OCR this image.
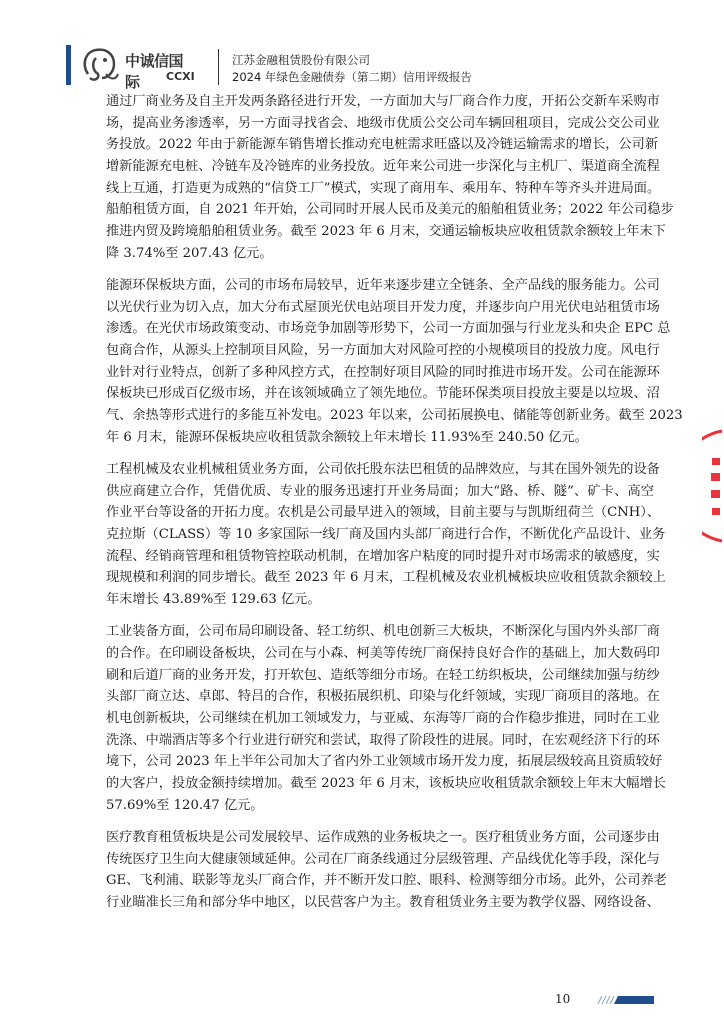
中诚信国际	CCXI
江苏金融租赁股份有限公司
2024 年绿色金融债券（第二期）信用评级报告
通过厂商业务及自主开发两条路径进行开发，一方面加大与厂商合作力度，开拓公交新车采购市
场，提高业务渗透率，另一方面寻找省会、地级市优质公交公司车辆回租项目，完成公交公司业
务投放。2022 年由于新能源车销售增长推动充电桩需求旺盛以及冷链运输需求的增长，公司新
增新能源充电桩、冷链车及冷链库的业务投放。近年来公司进一步深化与主机厂、渠道商全流程
线上互通，打造更为成熟的“信贷工厂”模式，实现了商用车、乘用车、特种车等齐头并进局面。
船舶租赁方面，自 2021 年开始，公司同时开展人民币及美元的船舶租赁业务；2022 年公司稳步
推进内贸及跨境船舶租赁业务。截至 2023 年 6 月末，交通运输板块应收租赁款余额较上年末下
降 3.74%至 207.43 亿元。
能源环保板块方面，公司的市场布局较早，近年来逐步建立全链条、全产品线的服务能力。公司
以光伏行业为切入点，加大分布式屋顶光伏电站项目开发力度，并逐步向户用光伏电站租赁市场
渗透。在光伏市场政策变动、市场竞争加剧等形势下，公司一方面加强与行业龙头和央企 EPC 总
包商合作，从源头上控制项目风险，另一方面加大对风险可控的小规模项目的投放力度。风电行
业针对行业特点，创新了多种风控方式，在控制好项目风险的同时推进市场开发。公司在能源环
保板块已形成百亿级市场，并在该领域确立了领先地位。节能环保类项目投放主要是以垃圾、沼
气、余热等形式进行的多能互补发电。2023 年以来，公司拓展换电、储能等创新业务。截至 2023
年 6 月末，能源环保板块应收租赁款余额较上年末增长 11.93%至 240.50 亿元。
工程机械及农业机械租赁业务方面，公司依托股东法巴租赁的品牌效应，与其在国外领先的设备
供应商建立合作，凭借优质、专业的服务迅速打开业务局面；加大“路、桥、隧”、矿卡、高空
作业平台等设备的开拓力度。农机是公司最早进入的领域，目前主要与与凯斯纽荷兰（CNH）、
克拉斯（CLASS）等 10 多家国际一线厂商及国内头部厂商进行合作，不断优化产品设计、业务
流程、经销商管理和租赁物管控联动机制，在增加客户粘度的同时提升对市场需求的敏感度，实
现规模和利润的同步增长。截至 2023 年 6 月末，工程机械及农业机械板块应收租赁款余额较上
年末增长 43.89%至 129.63 亿元。
工业装备方面，公司布局印刷设备、轻工纺织、机电创新三大板块，不断深化与国内外头部厂商
的合作。在印刷设备板块，公司在与小森、柯美等传统厂商保持良好合作的基础上，加大数码印
刷和后道厂商的业务开发，打开软包、造纸等细分市场。在轻工纺织板块，公司继续加强与纺纱
头部厂商立达、卓郎、特吕的合作，积极拓展织机、印染与化纤领域，实现厂商项目的落地。在
机电创新板块，公司继续在机加工领域发力，与亚威、东海等厂商的合作稳步推进，同时在工业
洗涤、中端酒店等多个行业进行研究和尝试，取得了阶段性的进展。同时，在宏观经济下行的环
境下，公司 2023 年上半年公司加大了省内外工业领域市场开发力度，拓展层级较高且资质较好
的大客户，投放金额持续增加。截至 2023 年 6 月末，该板块应收租赁款余额较上年末大幅增长
57.69%至 120.47 亿元。
医疗教育租赁板块是公司发展较早、运作成熟的业务板块之一。医疗租赁业务方面，公司逐步由
传统医疗卫生向大健康领域延伸。公司在厂商条线通过分层级管理、产品线优化等手段，深化与
GE、飞利浦、联影等龙头厂商合作，并不断开发口腔、眼科、检测等细分市场。此外，公司养老
行业瞄准长三角和部分华中地区，以民营客户为主。教育租赁业务主要为教学仪器、网络设备、
10
